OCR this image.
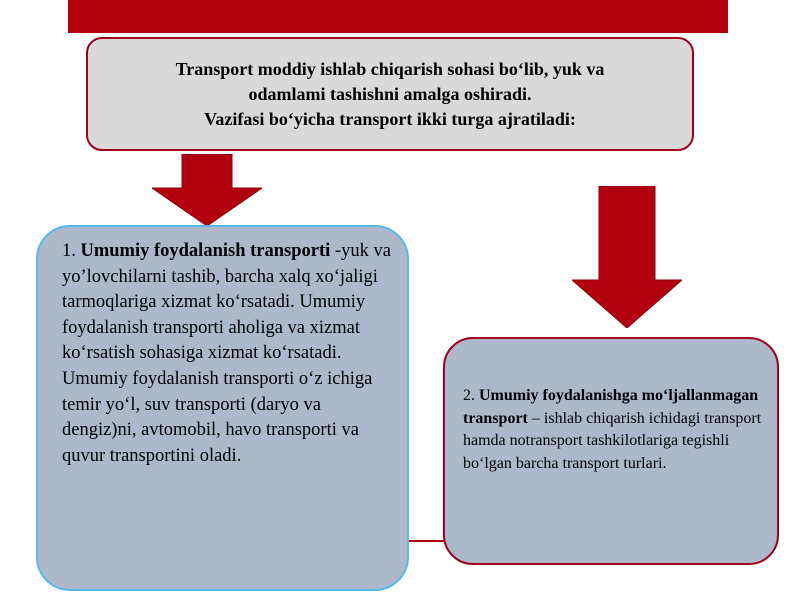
Transport moddiy ishlab chiqarish sohasi bo‘lib, yuk va
odamlami tashishni amalga oshiradi.
Vazifasi bo‘yicha transport ikki turga ajratiladi:
1. Umumiy foydalanish transporti -yuk va yo’lovchilarni tashib, barcha xalq xo‘jaligi tarmoqlariga xizmat ko‘rsatadi. Umumiy foydalanish transporti aholiga va xizmat ko‘rsatish sohasiga xizmat ko‘rsatadi. Umumiy foydalanish transporti o‘z ichiga temir yo‘l, suv transporti (daryo va dengiz)ni, avtomobil, havo transporti va quvur transportini oladi.
2. Umumiy foydalanishga mo‘ljallanmagan transport – ishlab chiqarish ichidagi transport hamda notransport tashkilotlariga tegishli bo‘lgan barcha transport turlari.
